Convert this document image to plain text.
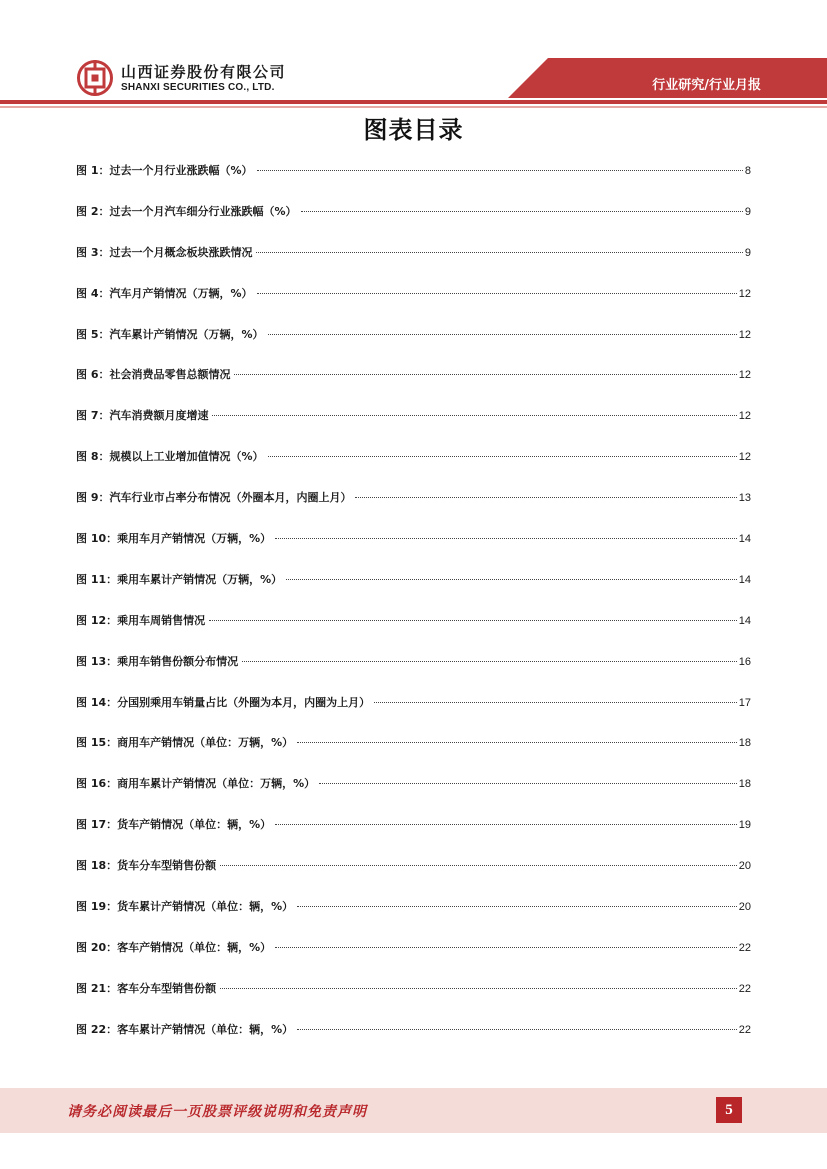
山西证券股份有限公司
SHANXI SECURITIES CO., LTD.	行业研究/行业月报
图表目录
图 1： 过去一个月行业涨跌幅（%）	8
图 2： 过去一个月汽车细分行业涨跌幅（%）	9
图 3： 过去一个月概念板块涨跌情况	9
图 4： 汽车月产销情况（万辆，%）	12
图 5： 汽车累计产销情况（万辆，%）	12
图 6： 社会消费品零售总额情况	12
图 7： 汽车消费额月度增速	12
图 8： 规模以上工业增加值情况（%）	12
图 9： 汽车行业市占率分布情况（外圈本月，内圈上月）	13
图 10： 乘用车月产销情况（万辆，%）	14
图 11： 乘用车累计产销情况（万辆，%）	14
图 12： 乘用车周销售情况	14
图 13： 乘用车销售份额分布情况	16
图 14： 分国别乘用车销量占比（外圈为本月，内圈为上月）	17
图 15： 商用车产销情况（单位：万辆，%）	18
图 16： 商用车累计产销情况（单位：万辆，%）	18
图 17： 货车产销情况（单位：辆，%）	19
图 18： 货车分车型销售份额	20
图 19： 货车累计产销情况（单位：辆，%）	20
图 20： 客车产销情况（单位：辆，%）	22
图 21： 客车分车型销售份额	22
图 22： 客车累计产销情况（单位：辆，%）	22
请务必阅读最后一页股票评级说明和免责声明	5
